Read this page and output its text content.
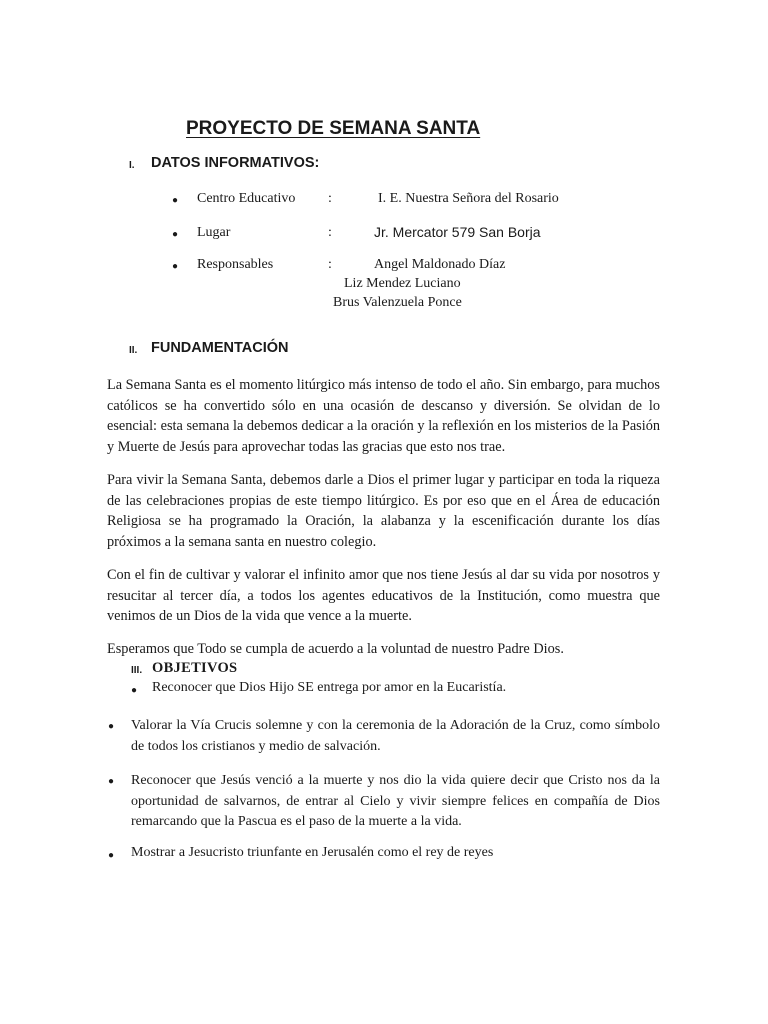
PROYECTO DE SEMANA SANTA
I. DATOS INFORMATIVOS:
● Centro Educativo :	I. E. Nuestra Señora del Rosario
● Lugar	:	Jr. Mercator 579 San Borja
● Responsables	:	Angel Maldonado Díaz
Liz Mendez Luciano
Brus Valenzuela Ponce
II. FUNDAMENTACIÓN
La Semana Santa es el momento litúrgico más intenso de todo el año. Sin embargo, para muchos católicos se ha convertido sólo en una ocasión de descanso y diversión. Se olvidan de lo esencial: esta semana la debemos dedicar a la oración y la reflexión en los misterios de la Pasión y Muerte de Jesús para aprovechar todas las gracias que esto nos trae.
Para vivir la Semana Santa, debemos darle a Dios el primer lugar y participar en toda la riqueza de las celebraciones propias de este tiempo litúrgico. Es por eso que en el Área de educación Religiosa se ha programado la Oración, la alabanza y la escenificación durante los días próximos a la semana santa en nuestro colegio.
Con el fin de cultivar y valorar el infinito amor que nos tiene Jesús al dar su vida por nosotros y resucitar al tercer día, a todos los agentes educativos de la Institución, como muestra que venimos de un Dios de la vida que vence a la muerte.
Esperamos que Todo se cumpla de acuerdo a la voluntad de nuestro Padre Dios.
III. OBJETIVOS
● Reconocer que Dios Hijo SE entrega por amor en la Eucaristía.
● Valorar la Vía Crucis solemne y con la ceremonia de la Adoración de la Cruz, como símbolo de todos los cristianos y medio de salvación.
● Reconocer que Jesús venció a la muerte y nos dio la vida quiere decir que Cristo nos da la oportunidad de salvarnos, de entrar al Cielo y vivir siempre felices en compañía de Dios remarcando que la Pascua es el paso de la muerte a la vida.
● Mostrar a Jesucristo triunfante en Jerusalén como el rey de reyes
